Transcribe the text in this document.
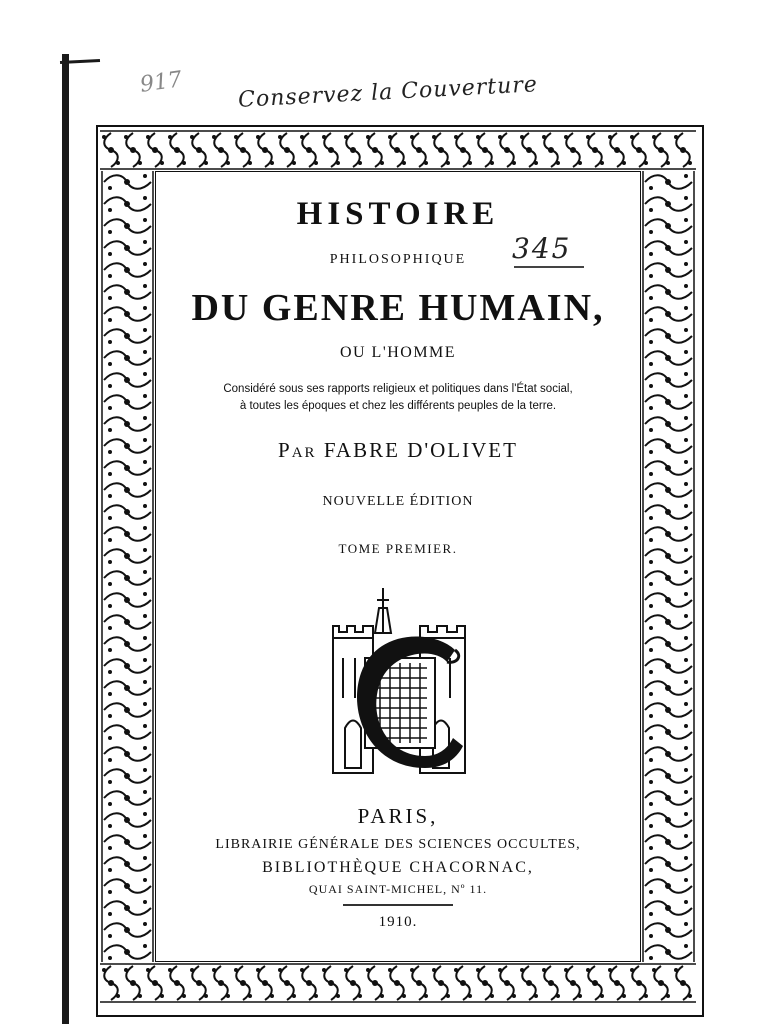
917 Conservez la Couverture
345
HISTOIRE
PHILOSOPHIQUE
DU GENRE HUMAIN,
OU L'HOMME
Considéré sous ses rapports religieux et politiques dans l'État social,
à toutes les époques et chez les différents peuples de la terre.
PAR FABRE D'OLIVET
NOUVELLE ÉDITION
TOME PREMIER.
PARIS,
LIBRAIRIE GÉNÉRALE DES SCIENCES OCCULTES,
BIBLIOTHÈQUE CHACORNAC,
QUAI SAINT-MICHEL, Nº 11.
1910.
